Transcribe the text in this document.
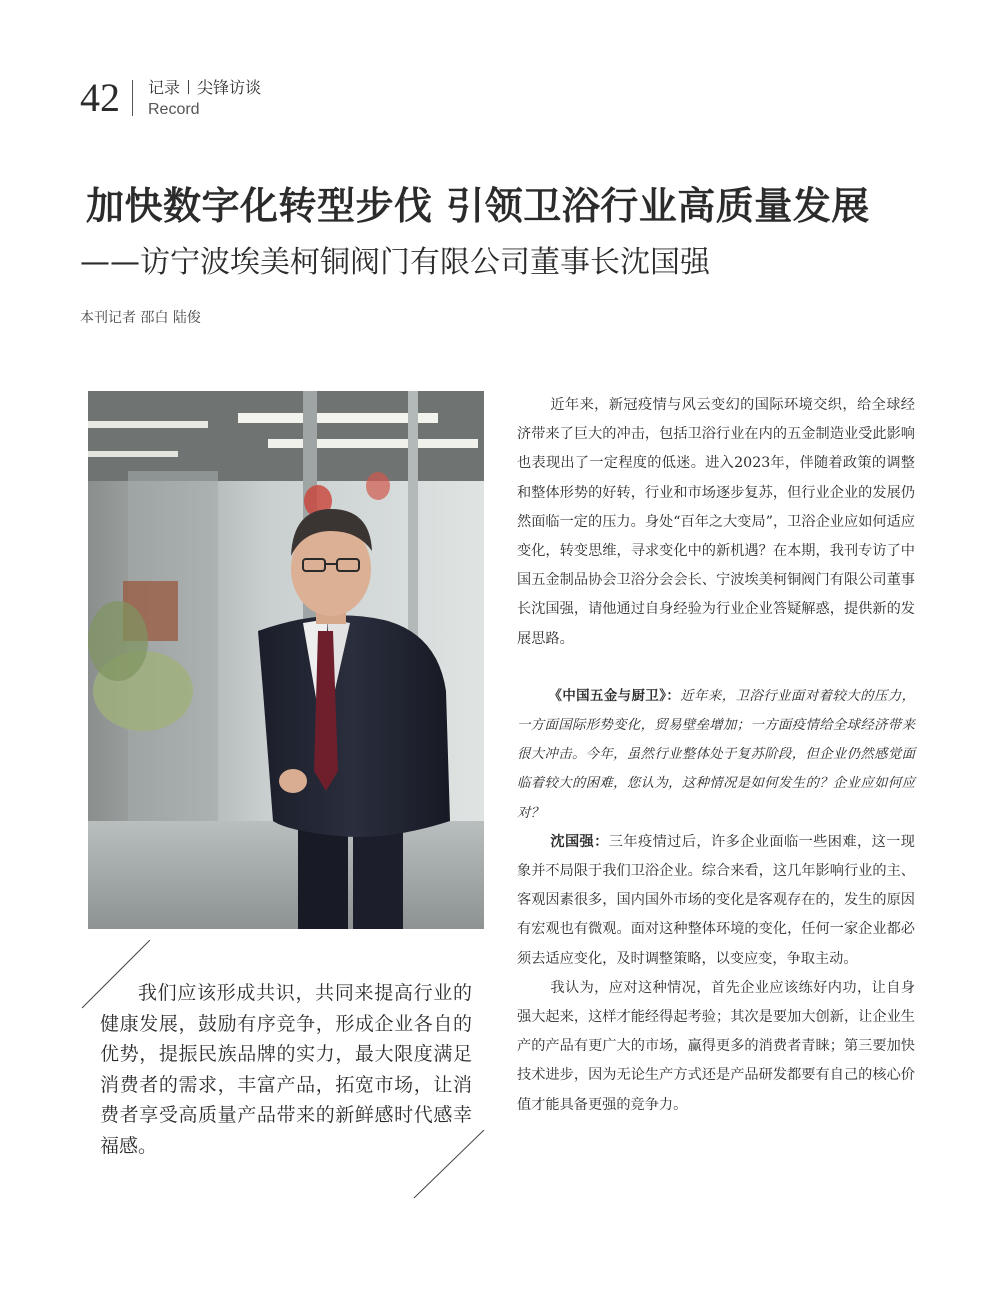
42 记录 尖锋访谈
Record
加快数字化转型步伐 引领卫浴行业高质量发展
——访宁波埃美柯铜阀门有限公司董事长沈国强
本刊记者 邵白 陆俊

我们应该形成共识，共同来提高行业的健康发展，鼓励有序竞争，形成企业各自的优势，提振民族品牌的实力，最大限度满足消费者的需求，丰富产品，拓宽市场，让消费者享受高质量产品带来的新鲜感时代感幸福感。

近年来，新冠疫情与风云变幻的国际环境交织，给全球经济带来了巨大的冲击，包括卫浴行业在内的五金制造业受此影响也表现出了一定程度的低迷。进入2023年，伴随着政策的调整和整体形势的好转，行业和市场逐步复苏，但行业企业的发展仍然面临一定的压力。身处“百年之大变局”，卫浴企业应如何适应变化，转变思维，寻求变化中的新机遇？在本期，我刊专访了中国五金制品协会卫浴分会会长、宁波埃美柯铜阀门有限公司董事长沈国强，请他通过自身经验为行业企业答疑解惑，提供新的发展思路。

《中国五金与厨卫》：近年来，卫浴行业面对着较大的压力，一方面国际形势变化，贸易壁垒增加；一方面疫情给全球经济带来很大冲击。今年，虽然行业整体处于复苏阶段，但企业仍然感觉面临着较大的困难，您认为，这种情况是如何发生的？企业应如何应对？

沈国强：三年疫情过后，许多企业面临一些困难，这一现象并不局限于我们卫浴企业。综合来看，这几年影响行业的主、客观因素很多，国内国外市场的变化是客观存在的，发生的原因有宏观也有微观。面对这种整体环境的变化，任何一家企业都必须去适应变化，及时调整策略，以变应变，争取主动。

我认为，应对这种情况，首先企业应该练好内功，让自身强大起来，这样才能经得起考验；其次是要加大创新，让企业生产的产品有更广大的市场，赢得更多的消费者青睐；第三要加快技术进步，因为无论生产方式还是产品研发都要有自己的核心价值才能具备更强的竞争力。
